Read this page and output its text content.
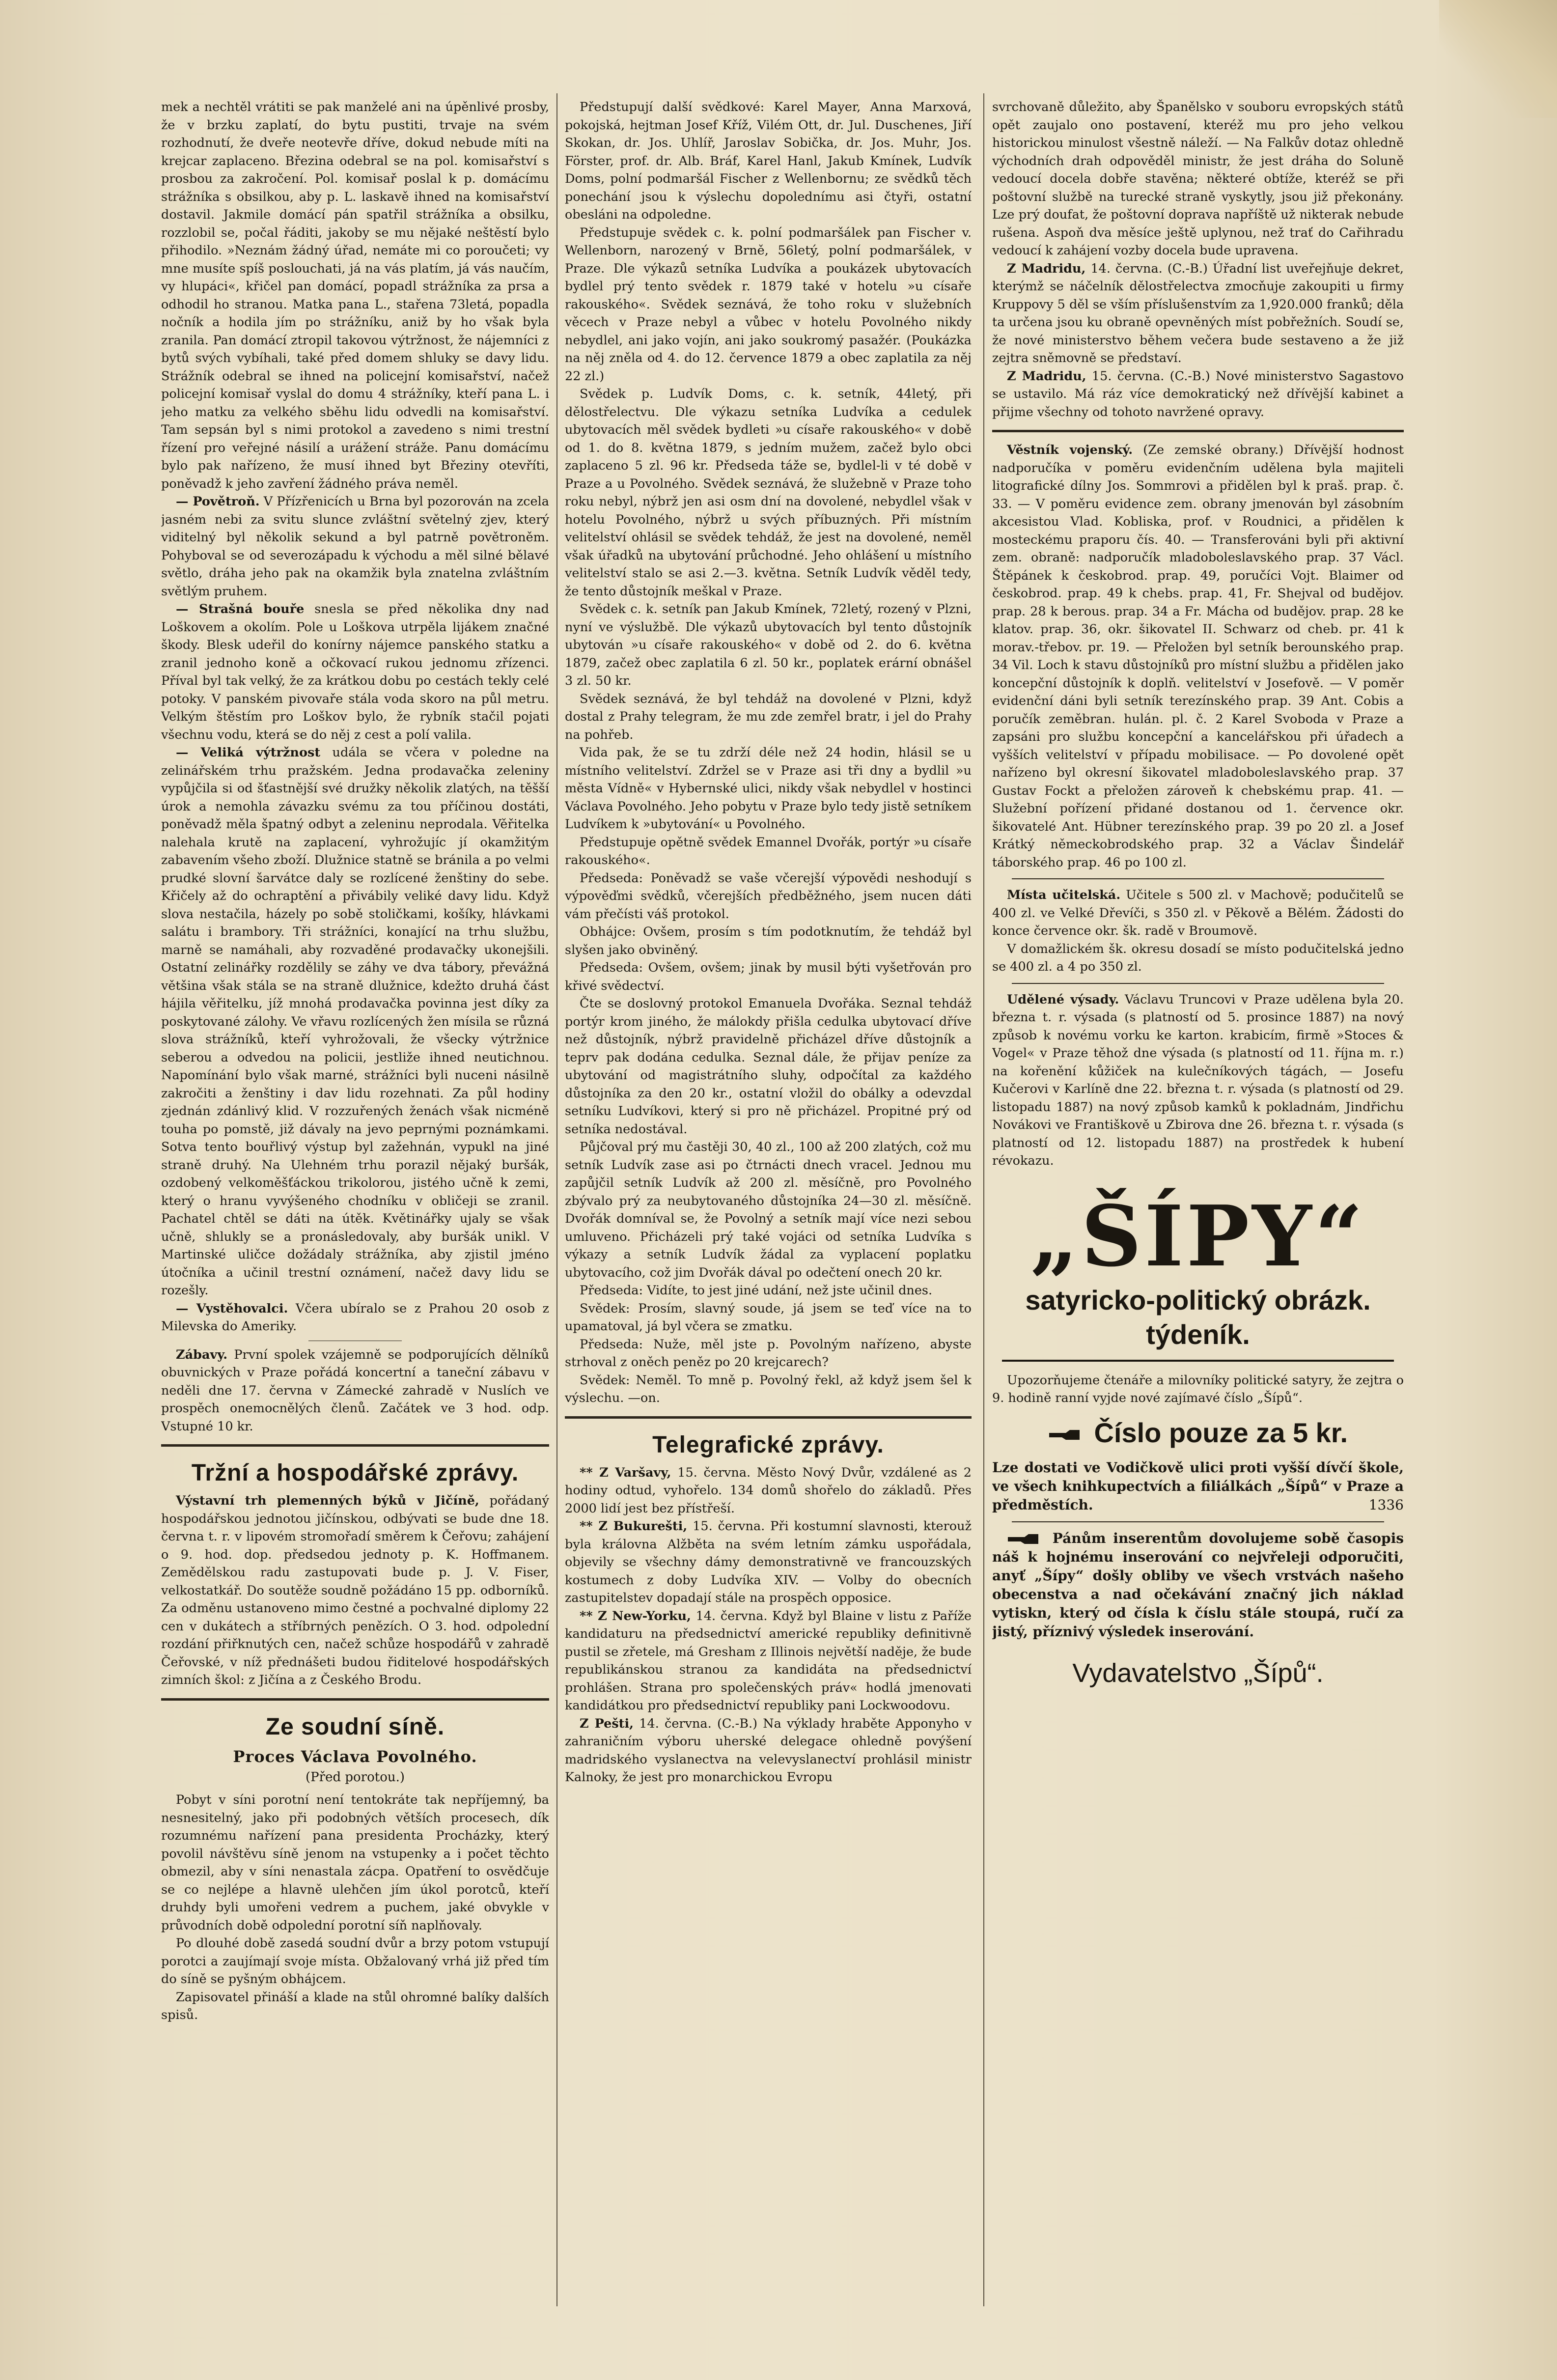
mek a nechtěl vrátiti se pak manželé ani na úpěnlivé prosby, že v brzku zaplatí, do bytu pustiti, trvaje na svém rozhodnutí, že dveře neotevře dříve, dokud nebude míti na krejcar zaplaceno. Březina odebral se na pol. komisařství s prosbou za zakročení. Pol. komisař poslal k p. domácímu strážníka s obsilkou, aby p. L. laskavě ihned na komisařství dostavil. Jakmile domácí pán spatřil strážníka a obsilku, rozzlobil se, počal řáditi, jakoby se mu nějaké neštěstí bylo přihodilo. »Neznám žádný úřad, nemáte mi co poroučeti; vy mne musíte spíš poslouchati, já na vás platím, já vás naučím, vy hlupáci«, křičel pan domácí, popadl strážníka za prsa a odhodil ho stranou. Matka pana L., stařena 73letá, popadla nočník a hodila jím po strážníku, aniž by ho však byla zranila. Pan domácí ztropil takovou výtržnost, že nájemníci z bytů svých vybíhali, také před domem shluky se davy lidu. Strážník odebral se ihned na policejní komisařství, načež policejní komisař vyslal do domu 4 strážníky, kteří pana L. i jeho matku za velkého sběhu lidu odvedli na komisařství. Tam sepsán byl s nimi protokol a zavedeno s nimi trestní řízení pro veřejné násilí a urážení stráže. Panu domácímu bylo pak nařízeno, že musí ihned byt Březiny otevříti, poněvadž k jeho zavření žádného práva neměl.

— Povětroň. V Přízřenicích u Brna byl pozorován na zcela jasném nebi za svitu slunce zvláštní světelný zjev, který viditelný byl několik sekund a byl patrně povětroněm. Pohyboval se od severozápadu k východu a měl silné bělavé světlo, dráha jeho pak na okamžik byla znatelna zvláštním světlým pruhem.

— Strašná bouře snesla se před několika dny nad Loškovem a okolím. Pole u Loškova utrpěla lijákem značné škody. Blesk udeřil do konírny nájemce panského statku a zranil jednoho koně a očkovací rukou jednomu zřízenci. Příval byl tak velký, že za krátkou dobu po cestách tekly celé potoky. V panském pivovaře stála voda skoro na půl metru. Velkým štěstím pro Loškov bylo, že rybník stačil pojati všechnu vodu, která se do něj z cest a polí valila.

— Veliká výtržnost udála se včera v poledne na zelinářském trhu pražském. Jedna prodavačka zeleniny vypůjčila si od šťastnější své družky několik zlatých, na těšší úrok a nemohla závazku svému za tou příčinou dostáti, poněvadž měla špatný odbyt a zeleninu neprodala. Věřitelka nalehala krutě na zaplacení, vyhrožujíc jí okamžitým zabavením všeho zboží. Dlužnice statně se bránila a po velmi prudké slovní šarvátce daly se rozlícené ženštiny do sebe. Křičely až do ochraptění a přivábily veliké davy lidu. Když slova nestačila, házely po sobě stoličkami, košíky, hlávkami salátu i brambory. Tři strážníci, konající na trhu službu, marně se namáhali, aby rozvaděné prodavačky ukonejšili. Ostatní zelinářky rozdělily se záhy ve dva tábory, převážná většina však stála se na straně dlužnice, kdežto druhá část hájila věřitelku, jíž mnohá prodavačka povinna jest díky za poskytované zálohy. Ve vřavu rozlícených žen mísila se různá slova strážníků, kteří vyhrožovali, že všecky výtržnice seberou a odvedou na policii, jestliže ihned neutichnou. Napomínání bylo však marné, strážníci byli nuceni násilně zakročiti a ženštiny i dav lidu rozehnati. Za půl hodiny zjednán zdánlivý klid. V rozzuřených ženách však nicméně touha po pomstě, již dávaly na jevo peprnými poznámkami. Sotva tento bouřlivý výstup byl zažehnán, vypukl na jiné straně druhý. Na Ulehném trhu porazil nějaký buršák, ozdobený velkoměšťáckou trikolorou, jistého učně k zemi, který o hranu vyvýšeného chodníku v obličeji se zranil. Pachatel chtěl se dáti na útěk. Květinářky ujaly se však učně, shlukly se a pronásledovaly, aby buršák unikl. V Martinské uličce dožádaly strážníka, aby zjistil jméno útočníka a učinil trestní oznámení, načež davy lidu se rozešly.

— Vystěhovalci. Včera ubíralo se z Prahou 20 osob z Milevska do Ameriky.

Zábavy. První spolek vzájemně se podporujících dělníků obuvnických v Praze pořádá koncertní a taneční zábavu v neděli dne 17. června v Zámecké zahradě v Nuslích ve prospěch onemocnělých členů. Začátek ve 3 hod. odp. Vstupné 10 kr.

Tržní a hospodářské zprávy.

Výstavní trh plemenných býků v Jičíně, pořádaný hospodářskou jednotou jičínskou, odbývati se bude dne 18. června t. r. v lipovém stromořadí směrem k Čeřovu; zahájení o 9. hod. dop. předsedou jednoty p. K. Hoffmanem. Zemědělskou radu zastupovati bude p. J. V. Fiser, velkostatkář. Do soutěže soudně požádáno 15 pp. odborníků. Za odměnu ustanoveno mimo čestné a pochvalné diplomy 22 cen v dukátech a stříbrných penězích. O 3. hod. odpolední rozdání přiřknutých cen, načež schůze hospodářů v zahradě Čeřovské, v níž přednášeti budou řiditelové hospodářských zimních škol: z Jičína a z Českého Brodu.

Ze soudní síně.
Proces Václava Povolného.
(Před porotou.)

Pobyt v síni porotní není tentokráte tak nepříjemný, ba nesnesitelný, jako při podobných větších procesech, dík rozumnému nařízení pana presidenta Procházky, který povolil návštěvu síně jenom na vstupenky a i počet těchto obmezil, aby v síni nenastala zácpa. Opatření to osvědčuje se co nejlépe a hlavně ulehčen jím úkol porotců, kteří druhdy byli umořeni vedrem a puchem, jaké obvykle v průvodních době odpolední porotní síň naplňovaly.

Po dlouhé době zasedá soudní dvůr a brzy potom vstupují porotci a zaujímají svoje místa. Obžalovaný vrhá již před tím do síně se pyšným obhájcem.

Zapisovatel přináší a klade na stůl ohromné balíky dalších spisů.

Předstupují další svědkové: Karel Mayer, Anna Marxová, pokojská, hejtman Josef Kříž, Vilém Ott, dr. Jul. Duschenes, Jiří Skokan, dr. Jos. Uhlíř, Jaroslav Sobička, dr. Jos. Muhr, Jos. Förster, prof. dr. Alb. Bráf, Karel Hanl, Jakub Kmínek, Ludvík Doms, polní podmaršál Fischer z Wellenbornu; ze svědků těch ponechání jsou k výslechu dopolednímu asi čtyři, ostatní obesláni na odpoledne.

Předstupuje svědek c. k. polní podmaršálek pan Fischer v. Wellenborn, narozený v Brně, 56letý, polní podmaršálek, v Praze. Dle výkazů setníka Ludvíka a poukázek ubytovacích bydlel prý tento svědek r. 1879 také v hotelu »u císaře rakouského«. Svědek seznává, že toho roku v služebních věcech v Praze nebyl a vůbec v hotelu Povolného nikdy nebydlel, ani jako vojín, ani jako soukromý pasažér. (Poukázka na něj zněla od 4. do 12. července 1879 a obec zaplatila za něj 22 zl.)

Svědek p. Ludvík Doms, c. k. setník, 44letý, při dělostřelectvu. Dle výkazu setníka Ludvíka a cedulek ubytovacích měl svědek bydleti »u císaře rakouského« v době od 1. do 8. května 1879, s jedním mužem, začež bylo obci zaplaceno 5 zl. 96 kr. Předseda táže se, bydlel-li v té době v Praze a u Povolného. Svědek seznává, že služebně v Praze toho roku nebyl, nýbrž jen asi osm dní na dovolené, nebydlel však v hotelu Povolného, nýbrž u svých příbuzných. Při místním velitelství ohlásil se svědek tehdáž, že jest na dovolené, neměl však úřadků na ubytování průchodné. Jeho ohlášení u místního velitelství stalo se asi 2.—3. května. Setník Ludvík věděl tedy, že tento důstojník meškal v Praze.

Svědek c. k. setník pan Jakub Kmínek, 72letý, rozený v Plzni, nyní ve výslužbě. Dle výkazů ubytovacích byl tento důstojník ubytován »u císaře rakouského« v době od 2. do 6. května 1879, začež obec zaplatila 6 zl. 50 kr., poplatek erární obnášel 3 zl. 50 kr.

Svědek seznává, že byl tehdáž na dovolené v Plzni, když dostal z Prahy telegram, že mu zde zemřel bratr, i jel do Prahy na pohřeb.

Vida pak, že se tu zdrží déle než 24 hodin, hlásil se u místního velitelství. Zdržel se v Praze asi tři dny a bydlil »u města Vídně« v Hybernské ulici, nikdy však nebydlel v hostinci Václava Povolného. Jeho pobytu v Praze bylo tedy jistě setníkem Ludvíkem k »ubytování« u Povolného.

Předstupuje opětně svědek Emannel Dvořák, portýr »u císaře rakouského«.

Předseda: Poněvadž se vaše včerejší výpovědi neshodují s výpověďmi svědků, včerejších předběžného, jsem nucen dáti vám přečísti váš protokol.

Obhájce: Ovšem, prosím s tím podotknutím, že tehdáž byl slyšen jako obviněný.

Předseda: Ovšem, ovšem; jinak by musil býti vyšetřován pro křivé svědectví.

Čte se doslovný protokol Emanuela Dvořáka. Seznal tehdáž portýr krom jiného, že málokdy přišla cedulka ubytovací dříve než důstojník, nýbrž pravidelně přicházel dříve důstojník a teprv pak dodána cedulka. Seznal dále, že přijav peníze za ubytování od magistrátního sluhy, odpočítal za každého důstojníka za den 20 kr., ostatní vložil do obálky a odevzdal setníku Ludvíkovi, který si pro ně přicházel. Propitné prý od setníka nedostával.

Půjčoval prý mu častěji 30, 40 zl., 100 až 200 zlatých, což mu setník Ludvík zase asi po čtrnácti dnech vracel. Jednou mu zapůjčil setník Ludvík až 200 zl. měsíčně, pro Povolného zbývalo prý za neubytovaného důstojníka 24—30 zl. měsíčně. Dvořák domníval se, že Povolný a setník mají více nezi sebou umluveno. Přicházeli prý také vojáci od setníka Ludvíka s výkazy a setník Ludvík žádal za vyplacení poplatku ubytovacího, což jim Dvořák dával po odečtení onech 20 kr.

Předseda: Vidíte, to jest jiné udání, než jste učinil dnes.

Svědek: Prosím, slavný soude, já jsem se teď více na to upamatoval, já byl včera se zmatku.

Předseda: Nuže, měl jste p. Povolným nařízeno, abyste strhoval z oněch peněz po 20 krejcarech?

Svědek: Neměl. To mně p. Povolný řekl, až když jsem šel k výslechu. —on.

Telegrafické zprávy.

** Z Varšavy, 15. června. Město Nový Dvůr, vzdálené as 2 hodiny odtud, vyhořelo. 134 domů shořelo do základů. Přes 2000 lidí jest bez přístřeší.

** Z Bukurešti, 15. června. Při kostumní slavnosti, kterouž byla královna Alžběta na svém letním zámku uspořádala, objevily se všechny dámy demonstrativně ve francouzských kostumech z doby Ludvíka XIV. — Volby do obecních zastupitelstev dopadají stále na prospěch opposice.

** Z New-Yorku, 14. června. Když byl Blaine v listu z Paříže kandidaturu na předsednictví americké republiky definitivně pustil se zřetele, má Gresham z Illinois největší naděje, že bude republikánskou stranou za kandidáta na předsednictví prohlášen. Strana pro společenských práv« hodlá jmenovati kandidátkou pro předsednictví republiky pani Lockwoodovu.

Z Pešti, 14. června. (C.-B.) Na výklady hraběte Apponyho v zahraničním výboru uherské delegace ohledně povýšení madridského vyslanectva na velevyslanectví prohlásil ministr Kalnoky, že jest pro monarchickou Evropu

svrchovaně důležito, aby Španělsko v souboru evropských států opět zaujalo ono postavení, kteréž mu pro jeho velkou historickou minulost všestně náleží. — Na Falkův dotaz ohledně východních drah odpověděl ministr, že jest dráha do Soluně vedoucí docela dobře stavěna; některé obtíže, kteréž se při poštovní službě na turecké straně vyskytly, jsou již překonány. Lze prý doufat, že poštovní doprava napříště už nikterak nebude rušena. Aspoň dva měsíce ještě uplynou, než trať do Cařihradu vedoucí k zahájení vozby docela bude upravena.

Z Madridu, 14. června. (C.-B.) Úřadní list uveřejňuje dekret, kterýmž se náčelník dělostřelectva zmocňuje zakoupiti u firmy Kruppovy 5 děl se vším příslušenstvím za 1,920.000 franků; děla ta určena jsou ku obraně opevněných míst pobřežních. Soudí se, že nové ministerstvo během večera bude sestaveno a že již zejtra sněmovně se představí.

Z Madridu, 15. června. (C.-B.) Nové ministerstvo Sagastovo se ustavilo. Má ráz více demokratický než dřívější kabinet a přijme všechny od tohoto navržené opravy.

Věstník vojenský. (Ze zemské obrany.) Dřívější hodnost nadporučíka v poměru evidenčním udělena byla majiteli litografické dílny Jos. Sommrovi a přidělen byl k praš. prap. č. 33. — V poměru evidence zem. obrany jmenován byl zásobním akcesistou Vlad. Kobliska, prof. v Roudnici, a přidělen k mosteckému praporu čís. 40. — Transferováni byli při aktivní zem. obraně: nadporučík mladoboleslavského prap. 37 Václ. Štěpánek k českobrod. prap. 49, poručíci Vojt. Blaimer od českobrod. prap. 49 k chebs. prap. 41, Fr. Shejval od budějov. prap. 28 k berous. prap. 34 a Fr. Mácha od budějov. prap. 28 ke klatov. prap. 36, okr. šikovatel II. Schwarz od cheb. pr. 41 k morav.-třebov. pr. 19. — Přeložen byl setník berounského prap. 34 Vil. Loch k stavu důstojníků pro místní službu a přidělen jako koncepční důstojník k doplň. velitelství v Josefově. — V poměr evidenční dáni byli setník terezínského prap. 39 Ant. Cobis a poručík zeměbran. hulán. pl. č. 2 Karel Svoboda v Praze a zapsáni pro službu koncepční a kancelářskou při úřadech a vyšších velitelství v případu mobilisace. — Po dovolené opět nařízeno byl okresní šikovatel mladoboleslavského prap. 37 Gustav Fockt a přeložen zároveň k chebskému prap. 41. — Služební pořízení přidané dostanou od 1. července okr. šikovatelé Ant. Hübner terezínského prap. 39 po 20 zl. a Josef Krátký německobrodského prap. 32 a Václav Šindelář táborského prap. 46 po 100 zl.

Místa učitelská. Učitele s 500 zl. v Machově; podučitelů se 400 zl. ve Velké Dřevíči, s 350 zl. v Pěkově a Bělém. Žádosti do konce července okr. šk. radě v Broumově.

V domažlickém šk. okresu dosadí se místo podučitelská jedno se 400 zl. a 4 po 350 zl.

Udělené výsady. Václavu Truncovi v Praze udělena byla 20. března t. r. výsada (s platností od 5. prosince 1887) na nový způsob k novému vorku ke karton. krabicím, firmě »Stoces & Vogel« v Praze těhož dne výsada (s platností od 11. října m. r.) na kořenění kůžiček na kulečníkových tágách, — Josefu Kučerovi v Karlíně dne 22. března t. r. výsada (s platností od 29. listopadu 1887) na nový způsob kamků k pokladnám, Jindřichu Novákovi ve Františkově u Zbirova dne 26. března t. r. výsada (s platností od 12. listopadu 1887) na prostředek k hubení révokazu.

„ŠÍPY“
satyricko-politický obrázk. týdeník.

Upozorňujeme čtenáře a milovníky politické satyry, že zejtra o 9. hodině ranní vyjde nové zajímavé číslo „Šípů“.

Číslo pouze za 5 kr.

Lze dostati ve Vodičkově ulici proti vyšší dívčí škole, ve všech knihkupectvích a filiálkách „Šípů“ v Praze a předměstích.	1336

Pánům inserentům dovolujeme sobě časopis náš k hojnému inserování co nejvřeleji odporučiti, anyť „Šípy“ došly obliby ve všech vrstvách našeho obecenstva a nad očekávání značný jich náklad vytiskn, který od čísla k číslu stále stoupá, ručí za jistý, příznivý výsledek inserování.

Vydavatelstvo „Šípů“.
